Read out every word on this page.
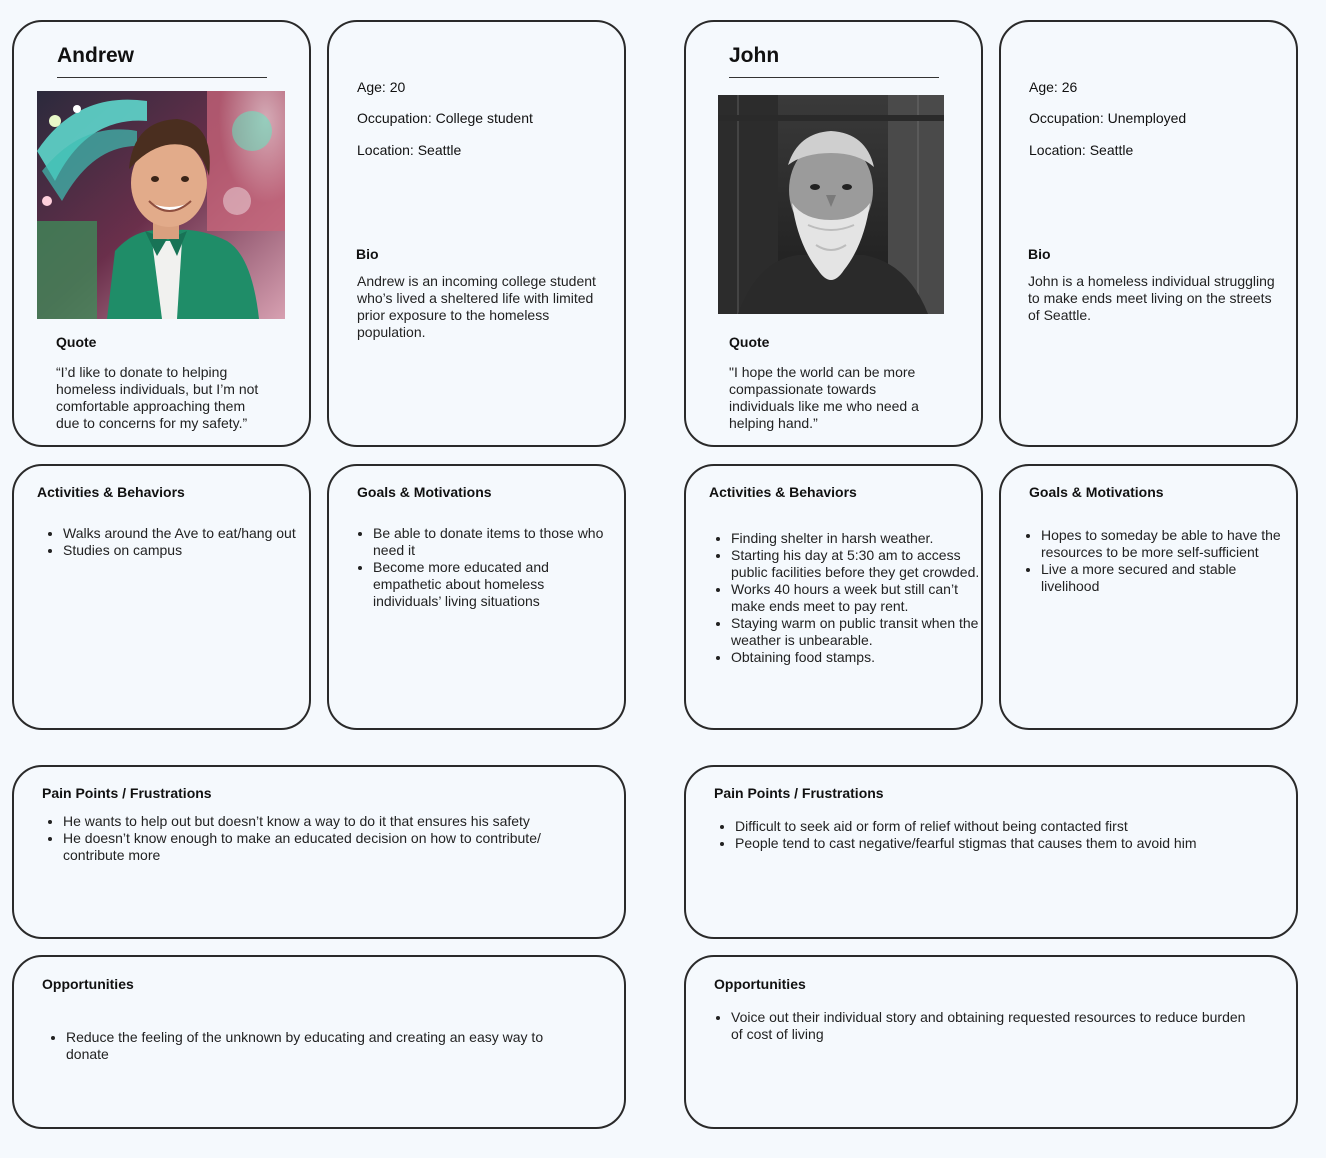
Andrew
Quote
“I’d like to donate to helping homeless individuals, but I’m not comfortable approaching them due to concerns for my safety.”
Age: 20
Occupation: College student
Location: Seattle
Bio
Andrew is an incoming college student who’s lived a sheltered life with limited prior exposure to the homeless population.
Activities & Behaviors
• Walks around the Ave to eat/hang out
• Studies on campus
Goals & Motivations
• Be able to donate items to those who need it
• Become more educated and empathetic about homeless individuals’ living situations
Pain Points / Frustrations
• He wants to help out but doesn’t know a way to do it that ensures his safety
• He doesn’t know enough to make an educated decision on how to contribute/ contribute more
Opportunities
• Reduce the feeling of the unknown by educating and creating an easy way to donate
John
Quote
"I hope the world can be more compassionate towards individuals like me who need a helping hand.”
Age: 26
Occupation: Unemployed
Location: Seattle
Bio
John is a homeless individual struggling to make ends meet living on the streets of Seattle.
Activities & Behaviors
• Finding shelter in harsh weather.
• Starting his day at 5:30 am to access public facilities before they get crowded.
• Works 40 hours a week but still can’t make ends meet to pay rent.
• Staying warm on public transit when the weather is unbearable.
• Obtaining food stamps.
Goals & Motivations
• Hopes to someday be able to have the resources to be more self-sufficient
• Live a more secured and stable livelihood
Pain Points / Frustrations
• Difficult to seek aid or form of relief without being contacted first
• People tend to cast negative/fearful stigmas that causes them to avoid him
Opportunities
• Voice out their individual story and obtaining requested resources to reduce burden of cost of living
